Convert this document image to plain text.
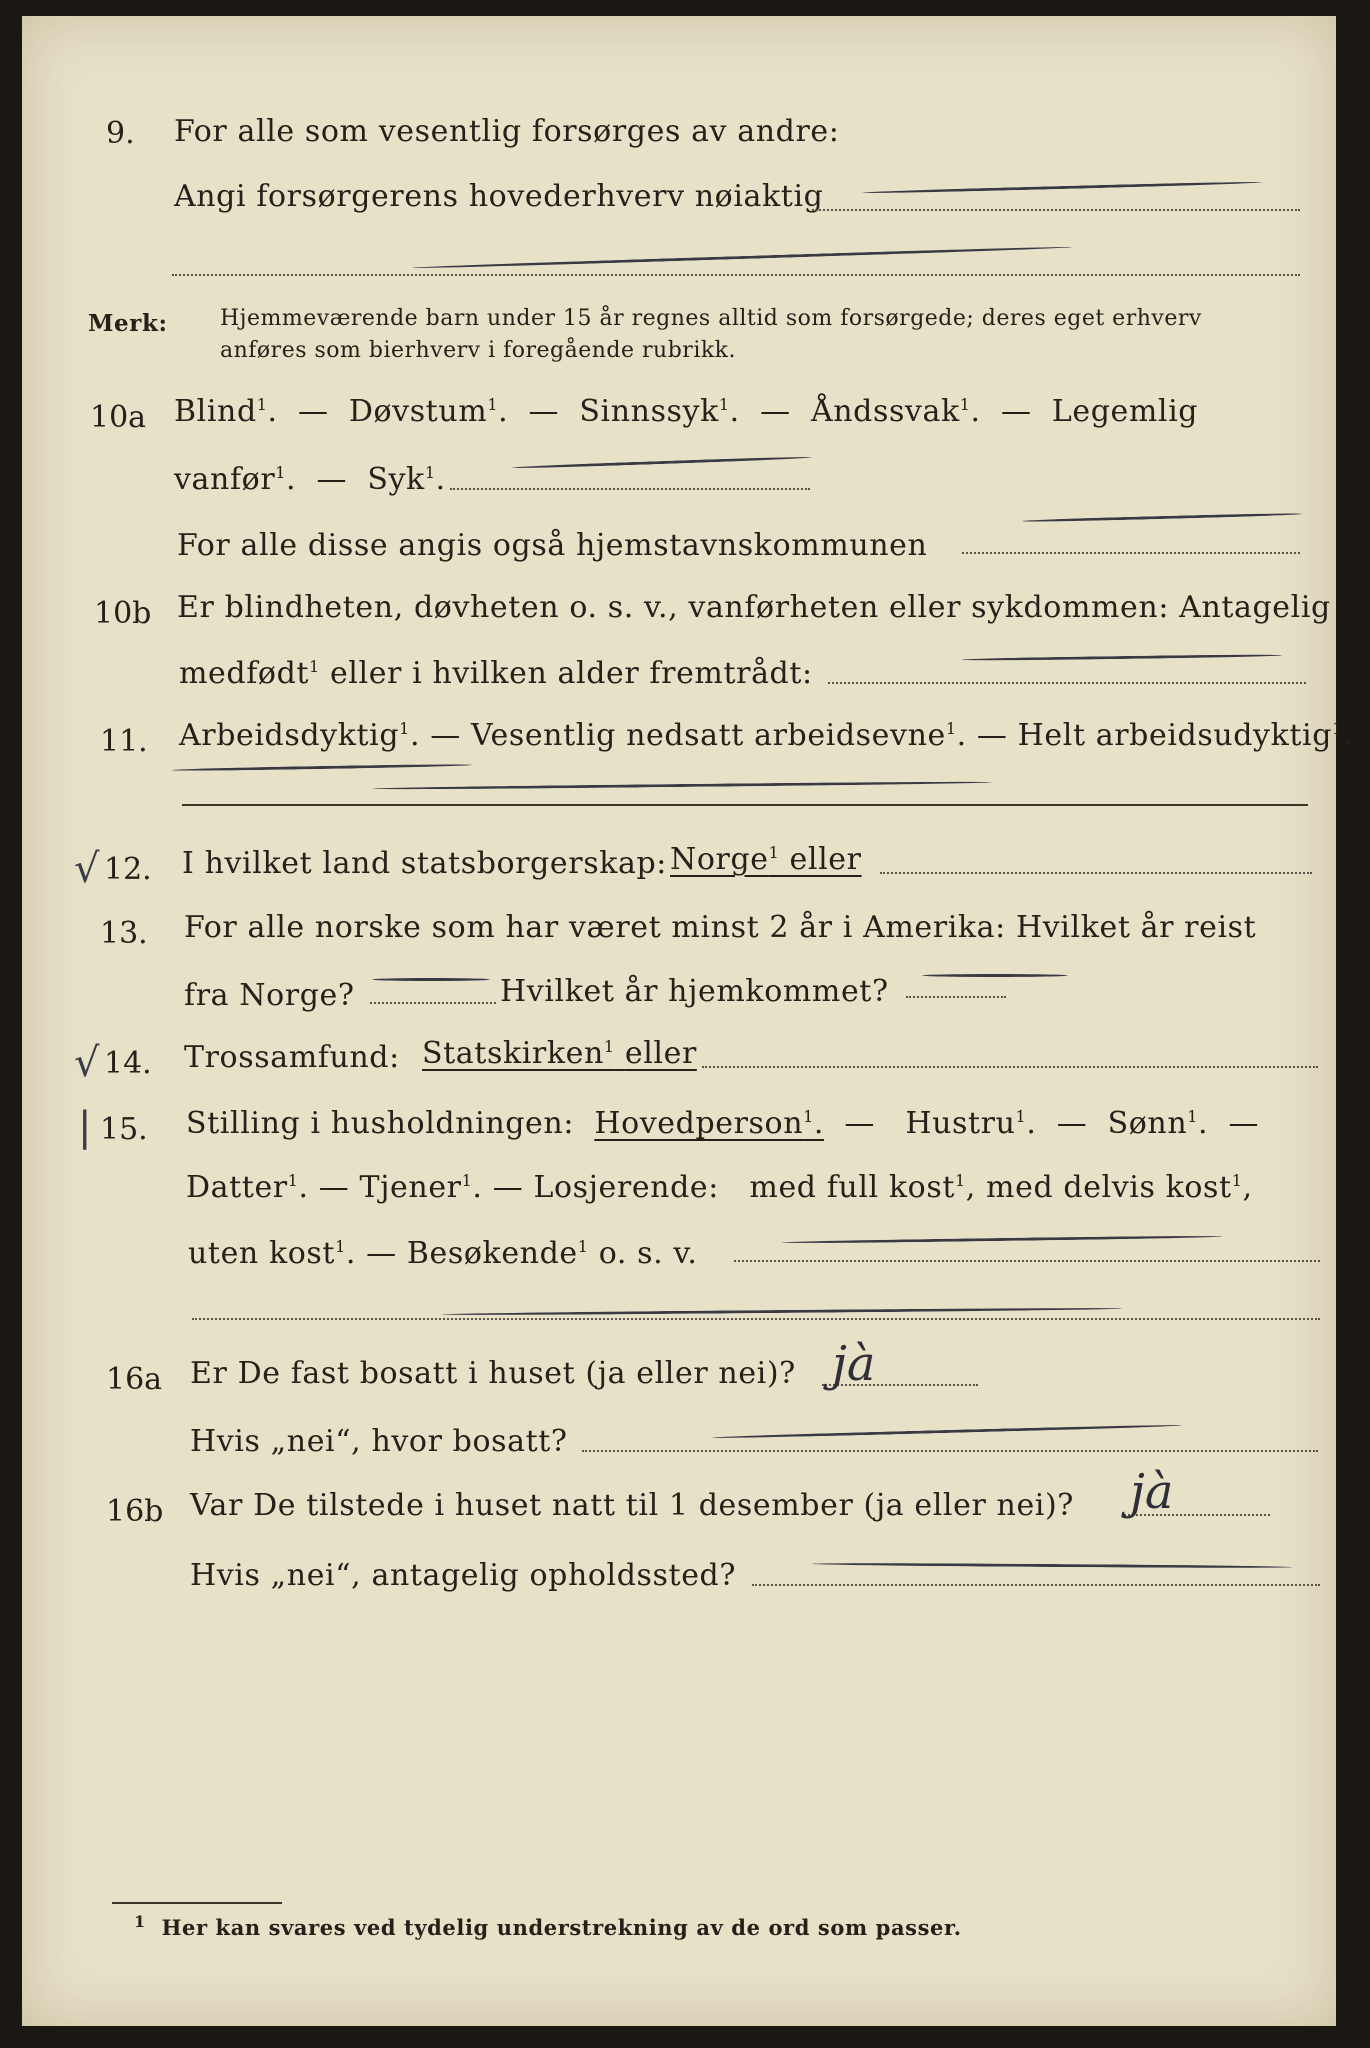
9. For alle som vesentlig forsørges av andre:
Angi forsørgerens hovederhverv nøiaktig
Merk: Hjemmeværende barn under 15 år regnes alltid som forsørgede; deres eget erhverv
anføres som bierhverv i foregående rubrikk.
10a Blind$^1$.  —  Døvstum$^1$.  —  Sinnssyk$^1$.  —  Åndssvak$^1$.  —  Legemlig
vanfør$^1$.  —  Syk$^1$.
For alle disse angis også hjemstavnskommunen
10b Er blindheten, døvheten o. s. v., vanførheten eller sykdommen: Antagelig
medfødt$^1$ eller i hvilken alder fremtrådt:
11. Arbeidsdyktig$^1$. — Vesentlig nedsatt arbeidsevne$^1$. — Helt arbeidsudyktig$^1$.
√ 12. I hvilket land statsborgerskap: Norge$^1$ eller
13. For alle norske som har været minst 2 år i Amerika: Hvilket år reist
fra Norge?	Hvilket år hjemkommet?
√ 14. Trossamfund: Statskirken$^1$ eller
| 15. Stilling i husholdningen: Hovedperson$^1$.  —   Hustru$^1$.  —  Sønn$^1$.  —
Datter$^1$. — Tjener$^1$. — Losjerende: med full kost$^1$, med delvis kost$^1$,
uten kost$^1$. — Besøkende$^1$ o. s. v.
16a Er De fast bosatt i huset (ja eller nei)? jà
Hvis „nei“, hvor bosatt?
16b Var De tilstede i huset natt til 1 desember (ja eller nei)? jà
Hvis „nei“, antagelig opholdssted?
$^1$ Her kan svares ved tydelig understrekning av de ord som passer.
